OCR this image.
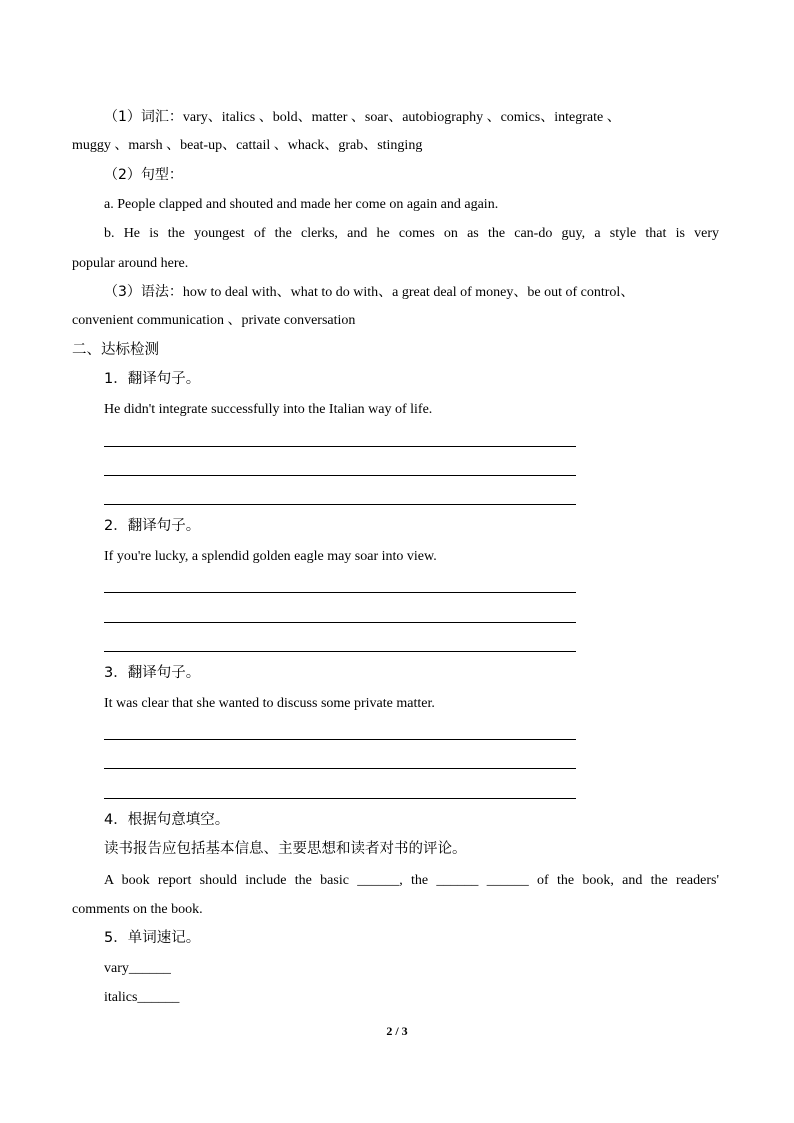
（1）词汇：vary、italics 、bold、matter 、soar、autobiography 、comics、integrate 、
muggy 、marsh 、beat-up、cattail 、whack、grab、stinging
（2）句型：
a. People clapped and shouted and made her come on again and again.
b. He is the youngest of the clerks, and he comes on as the can-do guy, a style that is very
popular around here.
（3）语法：how to deal with、what to do with、a great deal of money、be out of control、
convenient communication 、private conversation
二、达标检测
1．翻译句子。
He didn't integrate successfully into the Italian way of life.
2．翻译句子。
If you're lucky, a splendid golden eagle may soar into view.
3．翻译句子。
It was clear that she wanted to discuss some private matter.
4．根据句意填空。
读书报告应包括基本信息、主要思想和读者对书的评论。
A book report should include the basic ______, the ______ ______ of the book, and the readers'
comments on the book.
5．单词速记。
vary______
italics______
2 / 3
